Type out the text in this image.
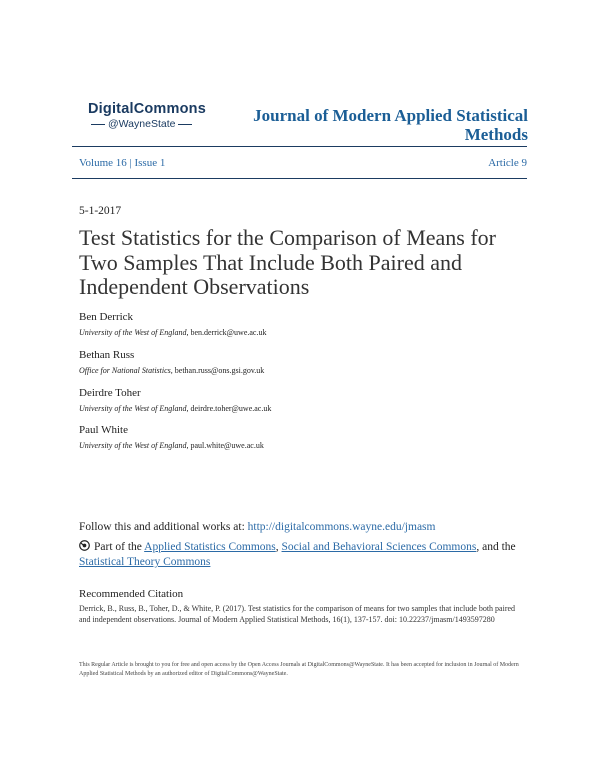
DigitalCommons
@WayneState	Journal of Modern Applied Statistical Methods
Volume 16 | Issue 1	Article 9
5-1-2017
Test Statistics for the Comparison of Means for Two Samples That Include Both Paired and Independent Observations
Ben Derrick
University of the West of England, ben.derrick@uwe.ac.uk
Bethan Russ
Office for National Statistics, bethan.russ@ons.gsi.gov.uk
Deirdre Toher
University of the West of England, deirdre.toher@uwe.ac.uk
Paul White
University of the West of England, paul.white@uwe.ac.uk
Follow this and additional works at: http://digitalcommons.wayne.edu/jmasm
Part of the Applied Statistics Commons, Social and Behavioral Sciences Commons, and the Statistical Theory Commons
Recommended Citation
Derrick, B., Russ, B., Toher, D., & White, P. (2017). Test statistics for the comparison of means for two samples that include both paired and independent observations. Journal of Modern Applied Statistical Methods, 16(1), 137-157. doi: 10.22237/jmasm/1493597280
This Regular Article is brought to you for free and open access by the Open Access Journals at DigitalCommons@WayneState. It has been accepted for inclusion in Journal of Modern Applied Statistical Methods by an authorized editor of DigitalCommons@WayneState.
